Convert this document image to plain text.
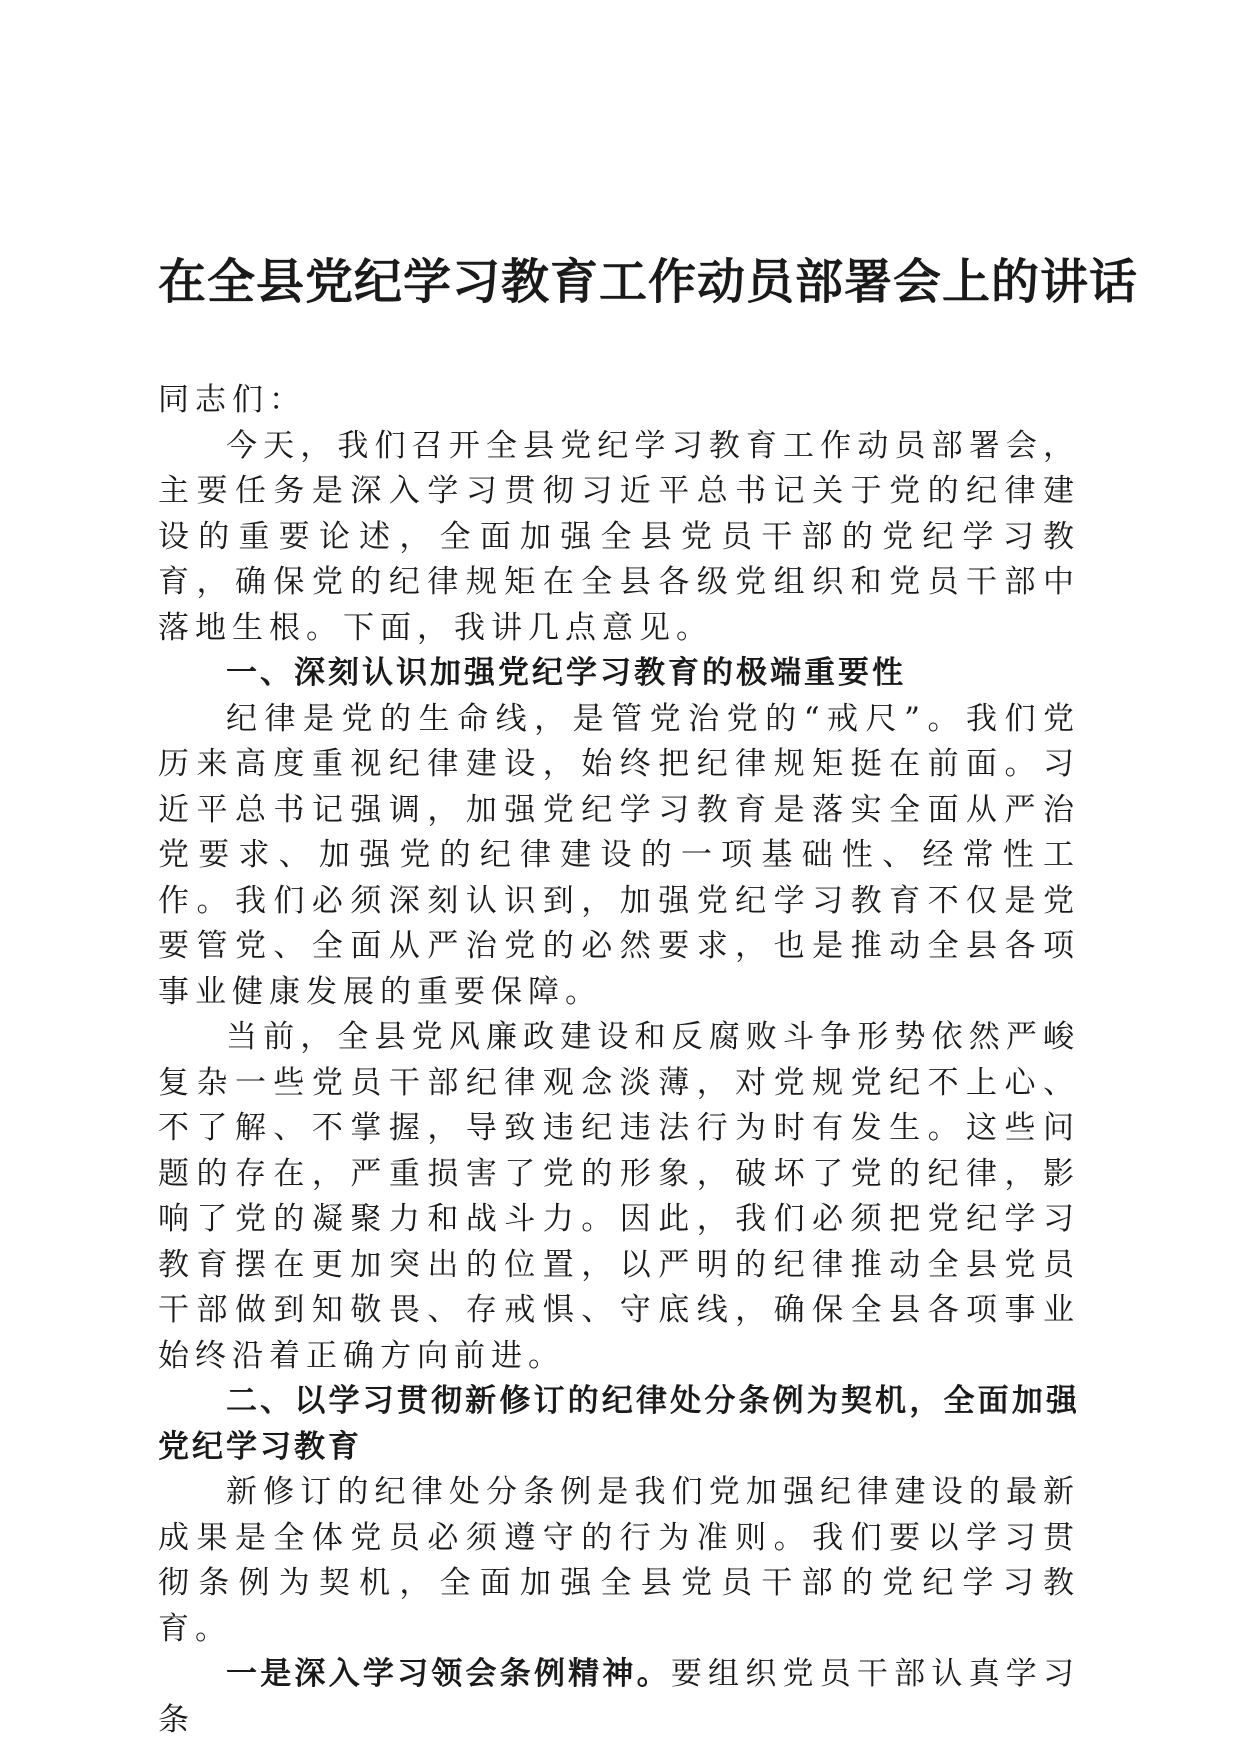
在全县党纪学习教育工作动员部署会上的讲话

同志们：

今天，我们召开全县党纪学习教育工作动员部署会，主要任务是深入学习贯彻习近平总书记关于党的纪律建设的重要论述，全面加强全县党员干部的党纪学习教育，确保党的纪律规矩在全县各级党组织和党员干部中落地生根。下面，我讲几点意见。

一、深刻认识加强党纪学习教育的极端重要性

纪律是党的生命线，是管党治党的“戒尺”。我们党历来高度重视纪律建设，始终把纪律规矩挺在前面。习近平总书记强调，加强党纪学习教育是落实全面从严治党要求、加强党的纪律建设的一项基础性、经常性工作。我们必须深刻认识到，加强党纪学习教育不仅是党要管党、全面从严治党的必然要求，也是推动全县各项事业健康发展的重要保障。

当前，全县党风廉政建设和反腐败斗争形势依然严峻复杂一些党员干部纪律观念淡薄，对党规党纪不上心、不了解、不掌握，导致违纪违法行为时有发生。这些问题的存在，严重损害了党的形象，破坏了党的纪律，影响了党的凝聚力和战斗力。因此，我们必须把党纪学习教育摆在更加突出的位置，以严明的纪律推动全县党员干部做到知敬畏、存戒惧、守底线，确保全县各项事业始终沿着正确方向前进。

二、以学习贯彻新修订的纪律处分条例为契机，全面加强党纪学习教育

新修订的纪律处分条例是我们党加强纪律建设的最新成果是全体党员必须遵守的行为准则。我们要以学习贯彻条例为契机，全面加强全县党员干部的党纪学习教育。

一是深入学习领会条例精神。要组织党员干部认真学习条
